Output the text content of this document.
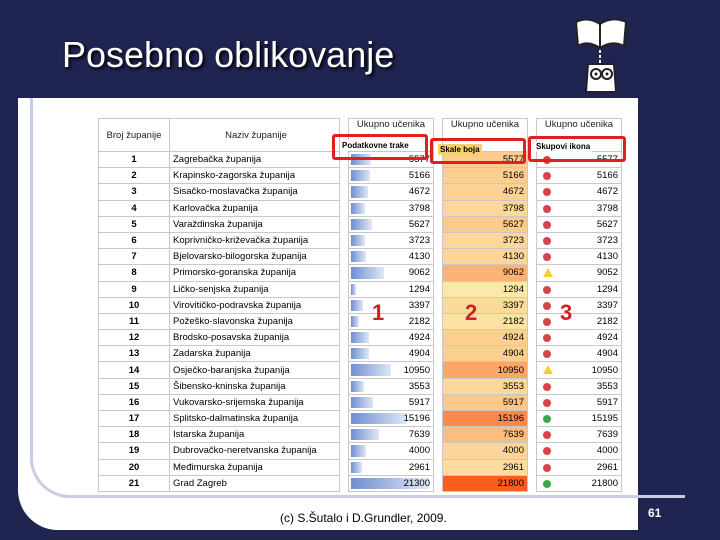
Posebno oblikovanje
Broj županije	Naziv županije		Ukupno učenika		Ukupno učenika		Ukupno učenika
1	Zagrebačka županija		5577		5577		5577
2	Krapinsko-zagorska županija		5166		5166		5166
3	Sisačko-moslavačka županija		4672		4672		4672
4	Karlovačka županija		3798		3798		3798
5	Varaždinska županija		5627		5627		5627
6	Koprivničko-križevačka županija		3723		3723		3723
7	Bjelovarsko-bilogorska županija		4130		4130		4130
8	Primorsko-goranska županija		9062		9062		9052
9	Ličko-senjska županija		1294		1294		1294
10	Virovitičko-podravska županija		3397		3397		3397
11	Požeško-slavonska županija		2182		2182		2182
12	Brodsko-posavska županija		4924		4924		4924
13	Zadarska županija		4904		4904		4904
14	Osječko-baranjska županija		10950		10950		10950
15	Šibensko-kninska županija		3553		3553		3553
16	Vukovarsko-srijemska županija		5917		5917		5917
17	Splitsko-dalmatinska županija		15196		15196		15195
18	Istarska županija		7639		7639		7639
19	Dubrovačko-neretvanska županija		4000		4000		4000
20	Međimurska županija		2961		2961		2961
21	Grad Zagreb		21300		21800		21800
Podatkovne trake	Skale boja	Skupovi ikona
1	2	3
(c) S.Šutalo i D.Grundler, 2009.	61
